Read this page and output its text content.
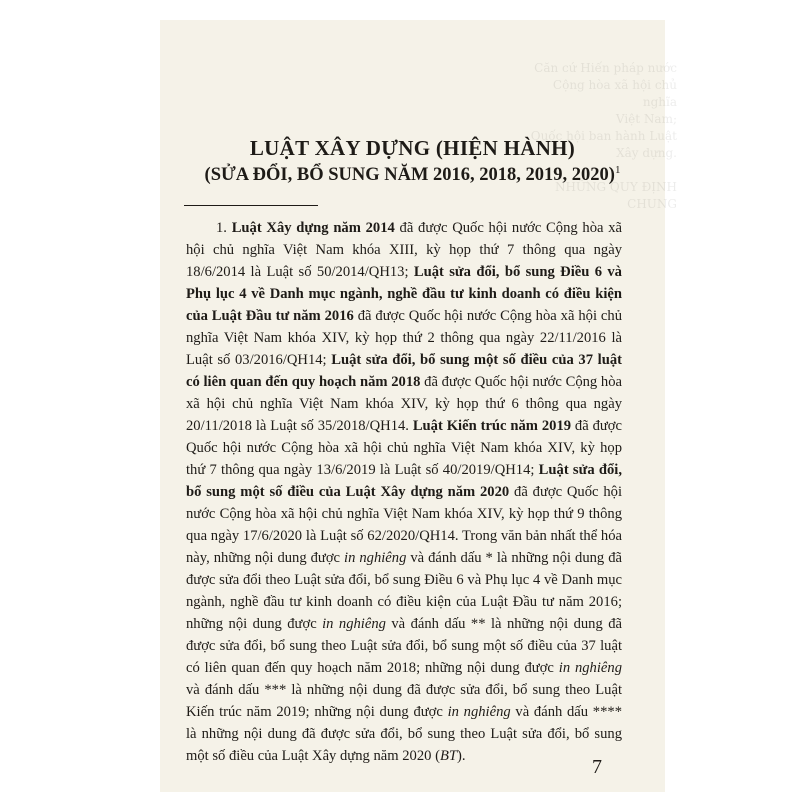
Căn cứ Hiến pháp nước Cộng hòa xã hội chủ nghĩa
Việt Nam;
Quốc hội ban hành Luật Xây dựng.

NHỮNG QUY ĐỊNH CHUNG
LUẬT XÂY DỰNG (HIỆN HÀNH)
(SỬA ĐỔI, BỔ SUNG NĂM 2016, 2018, 2019, 2020)$^1$

1. Luật Xây dựng năm 2014 đã được Quốc hội nước Cộng hòa xã hội chủ nghĩa Việt Nam khóa XIII, kỳ họp thứ 7 thông qua ngày 18/6/2014 là Luật số 50/2014/QH13; Luật sửa đổi, bổ sung Điều 6 và Phụ lục 4 về Danh mục ngành, nghề đầu tư kinh doanh có điều kiện của Luật Đầu tư năm 2016 đã được Quốc hội nước Cộng hòa xã hội chủ nghĩa Việt Nam khóa XIV, kỳ họp thứ 2 thông qua ngày 22/11/2016 là Luật số 03/2016/QH14; Luật sửa đổi, bổ sung một số điều của 37 luật có liên quan đến quy hoạch năm 2018 đã được Quốc hội nước Cộng hòa xã hội chủ nghĩa Việt Nam khóa XIV, kỳ họp thứ 6 thông qua ngày 20/11/2018 là Luật số 35/2018/QH14. Luật Kiến trúc năm 2019 đã được Quốc hội nước Cộng hòa xã hội chủ nghĩa Việt Nam khóa XIV, kỳ họp thứ 7 thông qua ngày 13/6/2019 là Luật số 40/2019/QH14; Luật sửa đổi, bổ sung một số điều của Luật Xây dựng năm 2020 đã được Quốc hội nước Cộng hòa xã hội chủ nghĩa Việt Nam khóa XIV, kỳ họp thứ 9 thông qua ngày 17/6/2020 là Luật số 62/2020/QH14. Trong văn bản nhất thể hóa này, những nội dung được in nghiêng và đánh dấu * là những nội dung đã được sửa đổi theo Luật sửa đổi, bổ sung Điều 6 và Phụ lục 4 về Danh mục ngành, nghề đầu tư kinh doanh có điều kiện của Luật Đầu tư năm 2016; những nội dung được in nghiêng và đánh dấu ** là những nội dung đã được sửa đổi, bổ sung theo Luật sửa đổi, bổ sung một số điều của 37 luật có liên quan đến quy hoạch năm 2018; những nội dung được in nghiêng và đánh dấu *** là những nội dung đã được sửa đổi, bổ sung theo Luật Kiến trúc năm 2019; những nội dung được in nghiêng và đánh dấu **** là những nội dung đã được sửa đổi, bổ sung theo Luật sửa đổi, bổ sung một số điều của Luật Xây dựng năm 2020 (BT).	7
